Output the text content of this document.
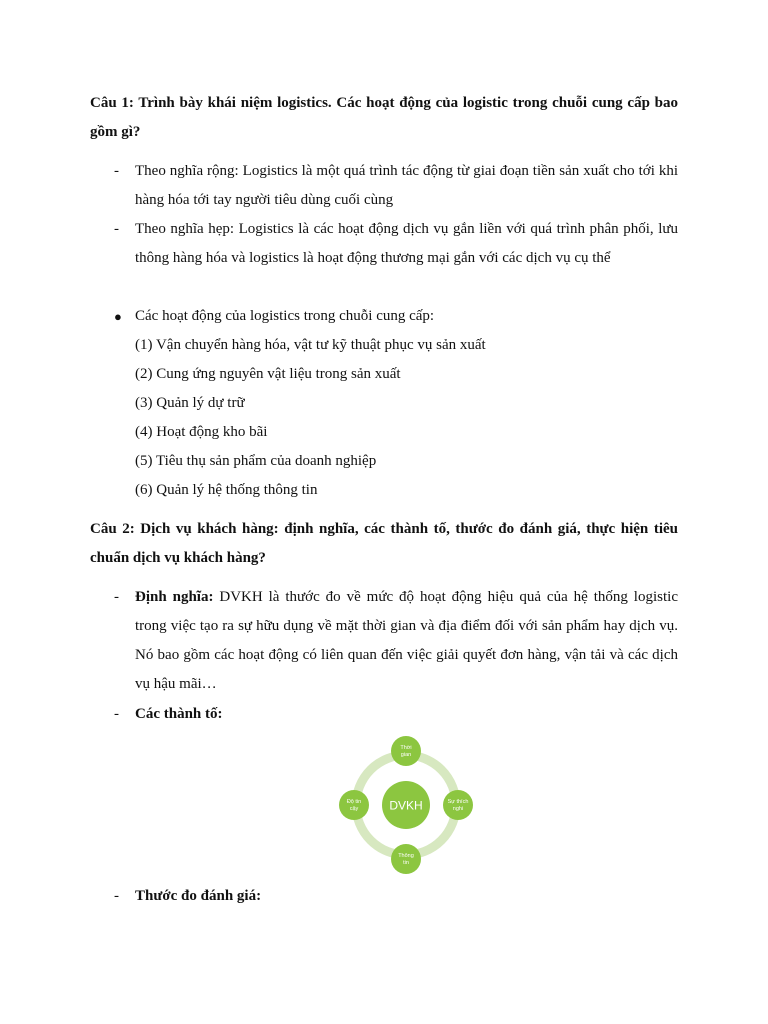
Câu 1: Trình bày khái niệm logistics. Các hoạt động của logistic trong chuỗi cung cấp bao gồm gì?
-	Theo nghĩa rộng: Logistics là một quá trình tác động từ giai đoạn tiền sản xuất cho tới khi hàng hóa tới tay người tiêu dùng cuối cùng
-	Theo nghĩa hẹp: Logistics là các hoạt động dịch vụ gắn liền với quá trình phân phối, lưu thông hàng hóa và logistics là hoạt động thương mại gắn với các dịch vụ cụ thể
● Các hoạt động của logistics trong chuỗi cung cấp:
(1) Vận chuyển hàng hóa, vật tư kỹ thuật phục vụ sản xuất
(2) Cung ứng nguyên vật liệu trong sản xuất
(3) Quản lý dự trữ
(4) Hoạt động kho bãi
(5) Tiêu thụ sản phẩm của doanh nghiệp
(6) Quản lý hệ thống thông tin
Câu 2: Dịch vụ khách hàng: định nghĩa, các thành tố, thước đo đánh giá, thực hiện tiêu chuẩn dịch vụ khách hàng?
-	Định nghĩa: DVKH là thước đo về mức độ hoạt động hiệu quả của hệ thống logistic trong việc tạo ra sự hữu dụng về mặt thời gian và địa điểm đối với sản phẩm hay dịch vụ. Nó bao gồm các hoạt động có liên quan đến việc giải quyết đơn hàng, vận tải và các dịch vụ hậu mãi…
-	Các thành tố:
DVKH
Thời
gian
Sự thích
nghi
Thông
tin
Độ tin
cậy
-	Thước đo đánh giá:
